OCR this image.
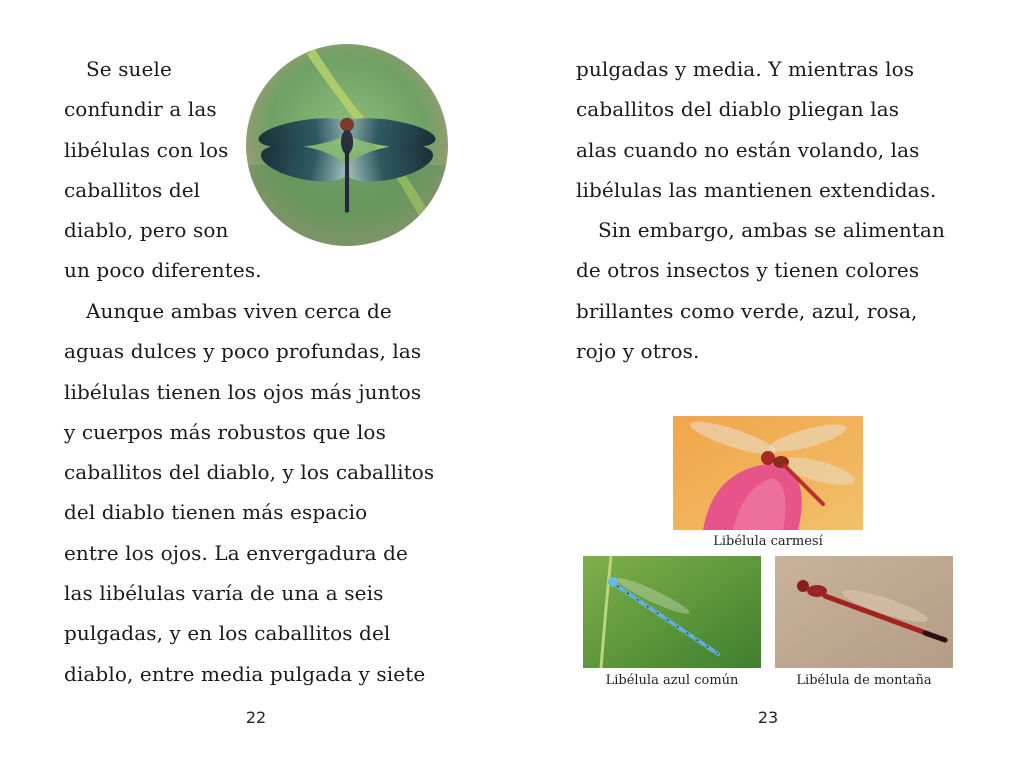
Se suele

confundir a las

libélulas con los

caballitos del

diablo, pero son

un poco diferentes.

Aunque ambas viven cerca de

aguas dulces y poco profundas, las

libélulas tienen los ojos más juntos

y cuerpos más robustos que los

caballitos del diablo, y los caballitos

del diablo tienen más espacio

entre los ojos. La envergadura de

las libélulas varía de una a seis

pulgadas, y en los caballitos del

diablo, entre media pulgada y siete

22

pulgadas y media. Y mientras los

caballitos del diablo pliegan las

alas cuando no están volando, las

libélulas las mantienen extendidas.

Sin embargo, ambas se alimentan

de otros insectos y tienen colores

brillantes como verde, azul, rosa,

rojo y otros.

Libélula carmesí
Libélula azul común	Libélula de montaña
23
